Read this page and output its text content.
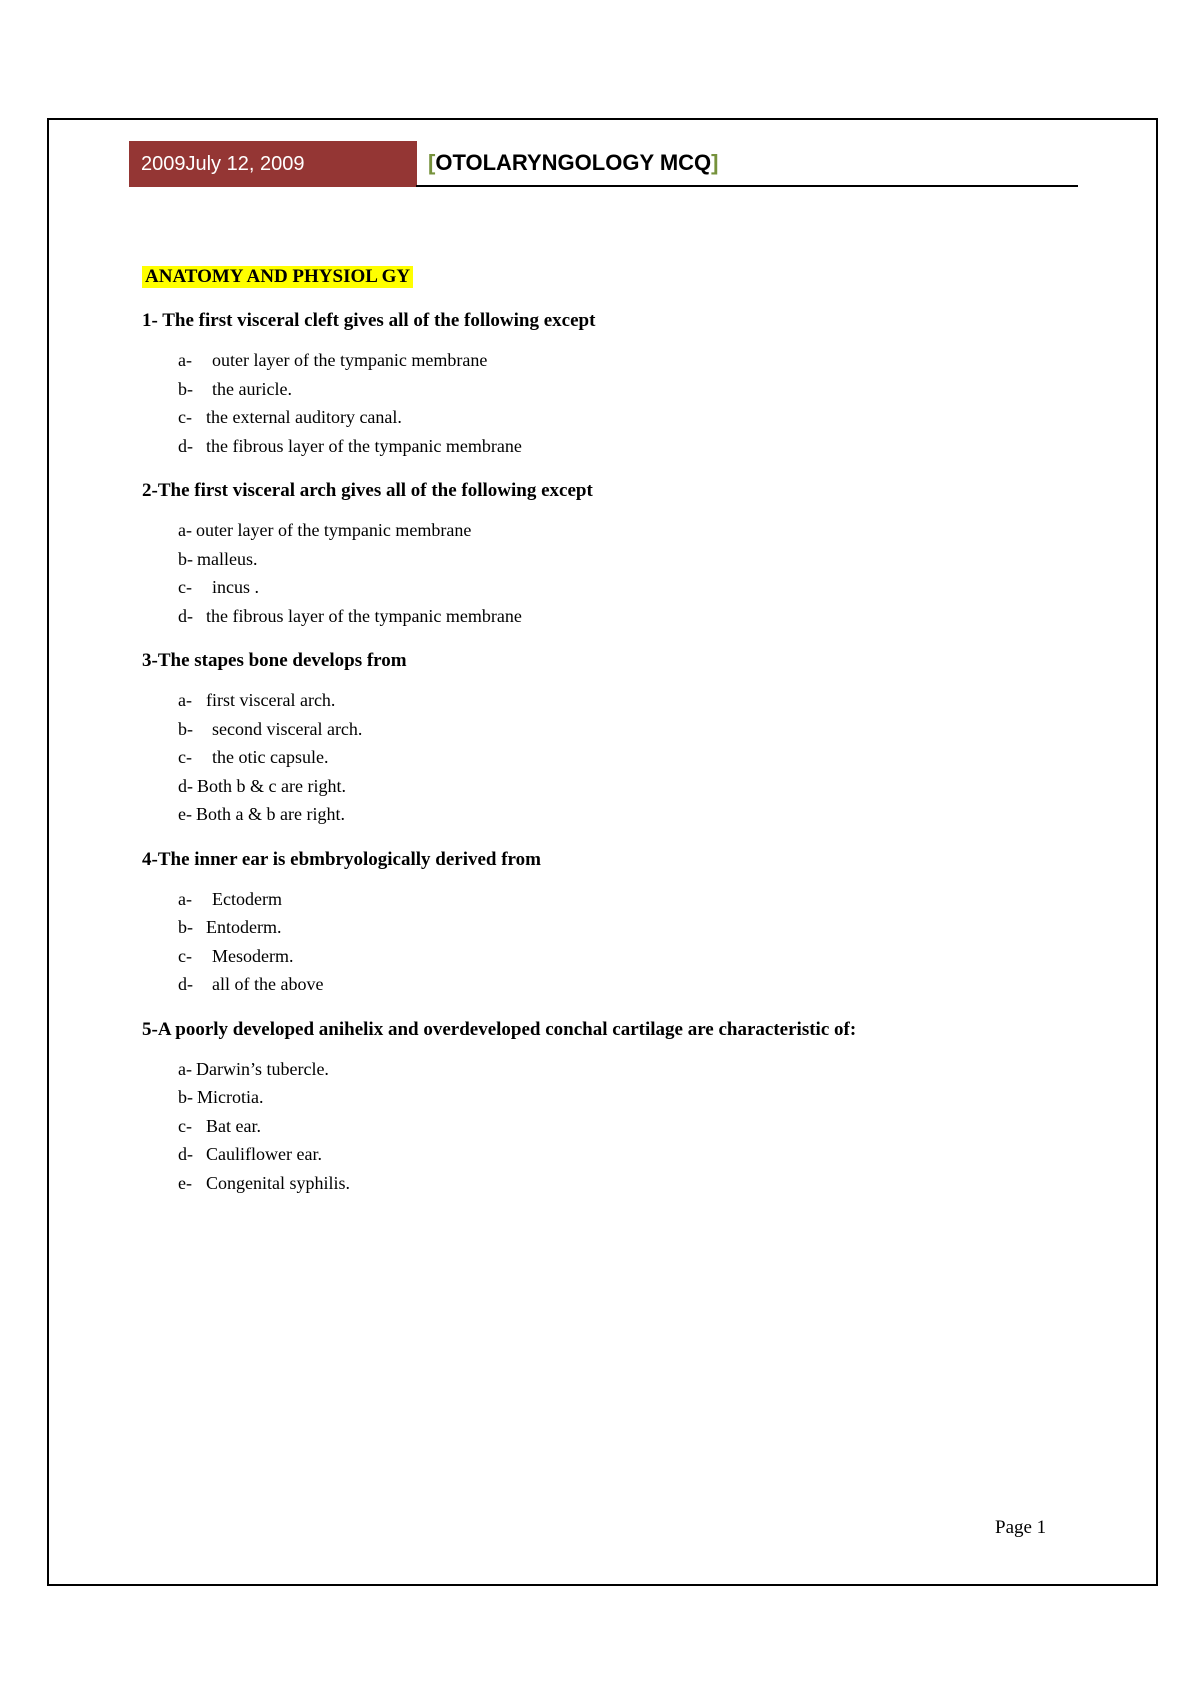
2009July 12, 2009	[OTOLARYNGOLOGY MCQ]
ANATOMY AND PHYSIOL GY
1- The first visceral cleft gives all of the following except
a-	outer layer of the tympanic membrane
b-	the auricle.
c- the external auditory canal.
d- the fibrous layer of the tympanic membrane
2-The first visceral arch gives all of the following except
a- outer layer of the tympanic membrane
b- malleus.
c-	incus .
d- the fibrous layer of the tympanic membrane
3-The stapes bone develops from
a- first visceral arch.
b-	second visceral arch.
c-	the otic capsule.
d- Both b & c are right.
e- Both a & b are right.
4-The inner ear is ebmbryologically derived from
a-	Ectoderm
b- Entoderm.
c-	Mesoderm.
d-	all of the above
5-A poorly developed anihelix and overdeveloped conchal cartilage are characteristic of:
a- Darwin’s tubercle.
b- Microtia.
c- Bat ear.
d- Cauliflower ear.
e- Congenital syphilis.
Page 1
